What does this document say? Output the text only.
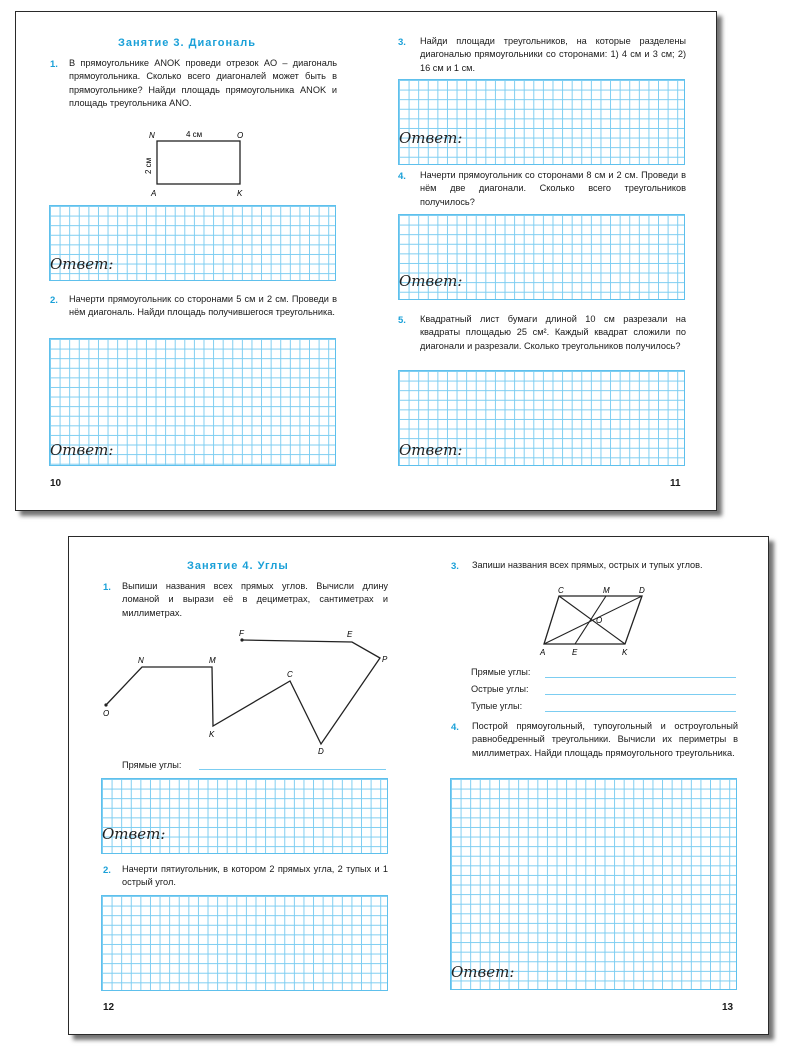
Занятие 3. Диагональ
1. В прямоугольнике ANOK проведи отрезок AO – диагональ прямоугольника. Сколько всего диагоналей может быть в прямоугольнике? Найди площадь прямоугольника ANOK и площадь треугольника ANO.
N	O
A	K
4 см
2 см
Ответ:
2. Начерти прямоугольник со сторонами 5 см и 2 см. Проведи в нём диагональ. Найди площадь получившегося треугольника.
Ответ:
10
3. Найди площади треугольников, на которые разделены диагональю прямоугольники со сторонами: 1) 4 см и 3 см; 2) 16 см и 1 см.
Ответ:
4. Начерти прямоугольник со сторонами 8 см и 2 см. Проведи в нём две диагонали. Сколько всего треугольников получилось?
Ответ:
5. Квадратный лист бумаги длиной 10 см разрезали на квадраты площадью 25 см². Каждый квадрат сложили по диагонали и разрезали. Сколько треугольников получилось?
Ответ:
11
Занятие 4. Углы
1. Выпиши названия всех прямых углов. Вычисли длину ломаной и вырази её в дециметрах, сантиметрах и миллиметрах.
F	E
P
N	M
C
O
K
D
Прямые углы:
Ответ:
2. Начерти пятиугольник, в котором 2 прямых угла, 2 тупых и 1 острый угол.
12
3. Запиши названия всех прямых, острых и тупых углов.
C	M	D
O
A	E	K
Прямые углы:
Острые углы:
Тупые углы:
4. Построй прямоугольный, тупоугольный и остроугольный равнобедренный треугольники. Вычисли их периметры в миллиметрах. Найди площадь прямоугольного треугольника.
Ответ:
13
